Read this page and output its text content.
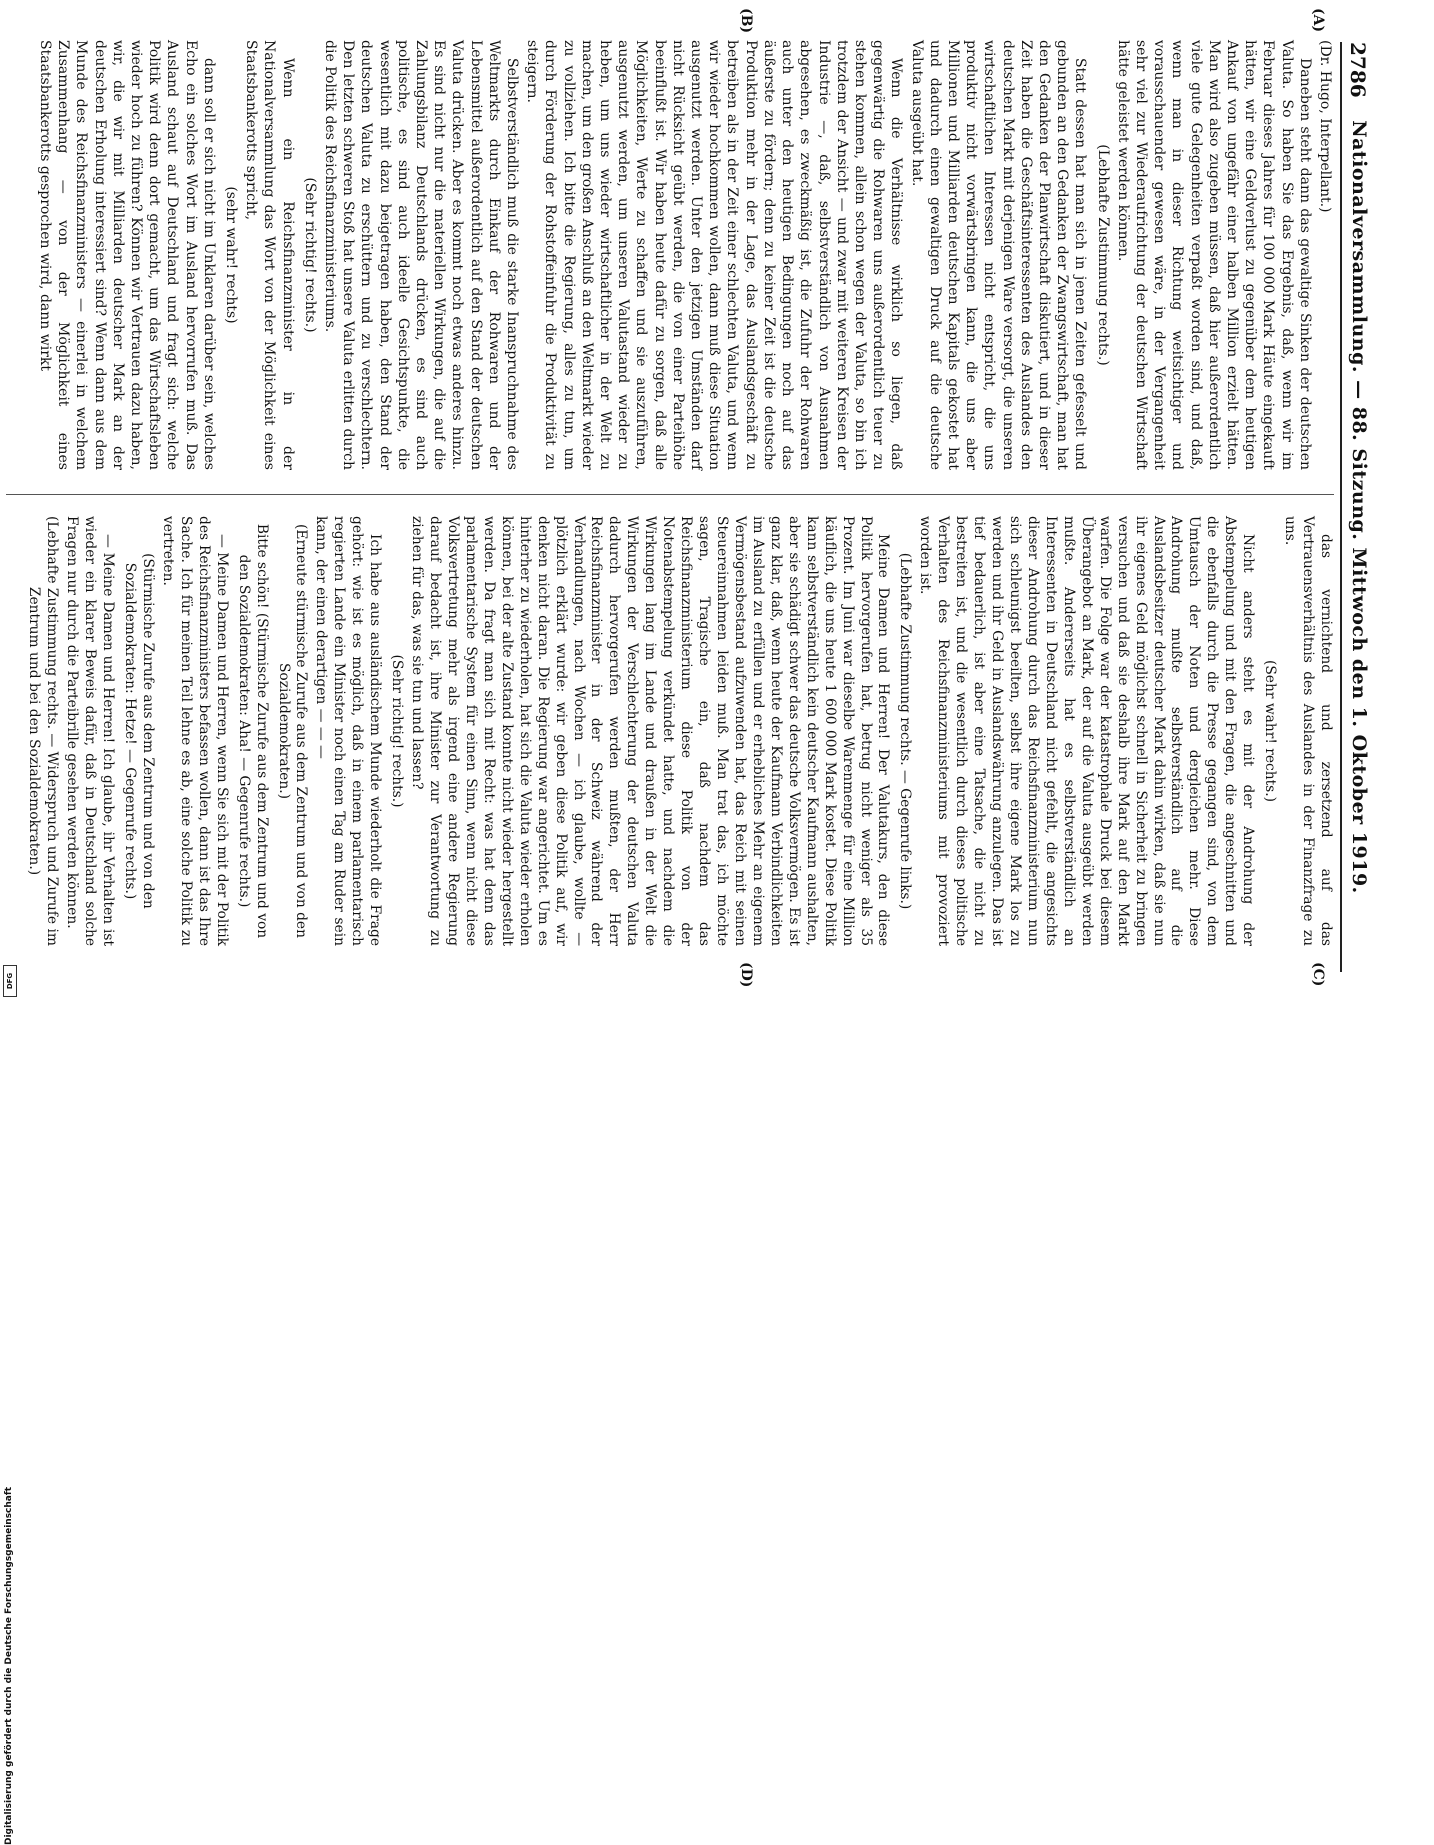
2786
Nationalversammlung. — 88. Sitzung. Mittwoch den 1. Oktober 1919.
(A)
(B)
(C)
(D)

(Dr. Hugo, Interpellant.)

Daneben steht dann das gewaltige Sinken der deutschen Valuta. So haben Sie das Ergebnis, daß, wenn wir im Februar dieses Jahres für 100 000 Mark Häute eingekauft hätten, wir eine Geldverlust zu gegenüber dem heutigen Ankauf von ungefähr einer halben Million erzielt hätten. Man wird also zugeben müssen, daß hier außerordentlich viele gute Gelegenheiten verpaßt worden sind, und daß, wenn man in dieser Richtung weitsichtiger und vorausschauender gewesen wäre, in der Vergangenheit sehr viel zur Wiederaufrichtung der deutschen Wirtschaft hätte geleistet werden können.

(Lebhafte Zustimmung rechts.)

Statt dessen hat man sich in jenen Zeiten gefesselt und gebunden an den Gedanken der Zwangswirtschaft, man hat den Gedanken der Planwirtschaft diskutiert, und in dieser Zeit haben die Geschäftsinteressenten des Auslandes den deutschen Markt mit derjenigen Ware versorgt, die unseren wirtschaftlichen Interessen nicht entspricht, die uns produktiv nicht vorwärtsbringen kann, die uns aber Millionen und Milliarden deutschen Kapitals gekostet hat und dadurch einen gewaltigen Druck auf die deutsche Valuta ausgeübt hat.

Wenn die Verhältnisse wirklich so liegen, daß gegenwärtig die Rohwaren uns außerordentlich teuer zu stehen kommen, allein schon wegen der Valuta, so bin ich trotzdem der Ansicht — und zwar mit weiteren Kreisen der Industrie —, daß, selbstverständlich von Ausnahmen abgesehen, es zweckmäßig ist, die Zufuhr der Rohwaren auch unter den heutigen Bedingungen noch auf das äußerste zu fördern; denn zu keiner Zeit ist die deutsche Produktion mehr in der Lage, das Auslandsgeschäft zu betreiben als in der Zeit einer schlechten Valuta, und wenn wir wieder hochkommen wollen, dann muß diese Situation ausgenutzt werden. Unter den jetzigen Umständen darf nicht Rücksicht geübt werden, die von einer Parteihöhe beeinflußt ist. Wir haben heute dafür zu sorgen, daß alle Möglichkeiten, Werte zu schaffen und sie auszuführen, ausgenutzt werden, um unseren Valutastand wieder zu heben, um uns wieder wirtschaftlicher in der Welt zu machen, um den großen Anschluß an den Weltmarkt wieder zu vollziehen. Ich bitte die Regierung, alles zu tun, um durch Förderung der Rohstoffeinfuhr die Produktivität zu steigern.

Selbstverständlich muß die starke Inanspruchnahme des Weltmarkts durch Einkauf der Rohwaren und der Lebensmittel außerordentlich auf den Stand der deutschen Valuta drücken. Aber es kommt noch etwas anderes hinzu. Es sind nicht nur die materiellen Wirkungen, die auf die Zahlungsbilanz Deutschlands drücken, es sind auch politische, es sind auch ideelle Gesichtspunkte, die wesentlich mit dazu beigetragen haben, den Stand der deutschen Valuta zu erschüttern und zu verschlechtern. Den letzten schweren Stoß hat unsere Valuta erlitten durch die Politik des Reichsfinanzministeriums.

(Sehr richtig! rechts.)

Wenn ein Reichsfinanzminister in der Nationalversammlung das Wort von der Möglichkeit eines Staatsbankerotts spricht,

(sehr wahr! rechts)

dann soll er sich nicht im Unklaren darüber sein, welches Echo ein solches Wort im Ausland hervorrufen muß. Das Ausland schaut auf Deutschland und fragt sich: welche Politik wird denn dort gemacht, um das Wirtschaftsleben wieder hoch zu führen? Können wir Vertrauen dazu haben, wir, die wir mit Milliarden deutscher Mark an der deutschen Erholung interessiert sind? Wenn dann aus dem Munde des Reichsfinanzministers — einerlei in welchem Zusammenhang — von der Möglichkeit eines Staatsbankerotts gesprochen wird, dann wirkt

das vernichtend und zersetzend auf das Vertrauensverhältnis des Auslandes in der Finanzfrage zu uns.

(Sehr wahr! rechts.)

Nicht anders steht es mit der Androhung der Abstempelung und mit den Fragen, die angeschnitten und die ebenfalls durch die Presse gegangen sind, von dem Umtausch der Noten und dergleichen mehr. Diese Androhung mußte selbstverständlich auf die Auslandsbesitzer deutscher Mark dahin wirken, daß sie nun ihr eigenes Geld möglichst schnell in Sicherheit zu bringen versuchen und daß sie deshalb ihre Mark auf den Markt warfen. Die Folge war der katastrophale Druck bei diesem Überangebot an Mark, der auf die Valuta ausgeübt werden mußte. Andererseits hat es selbstverständlich an Interessenten in Deutschland nicht gefehlt, die angesichts dieser Androhung durch das Reichsfinanzministerium nun sich schleunigst beeilten, selbst ihre eigene Mark los zu werden und ihr Geld in Auslandswährung anzulegen. Das ist tief bedauerlich, ist aber eine Tatsache, die nicht zu bestreiten ist, und die wesentlich durch dieses politische Verhalten des Reichsfinanzministeriums mit provoziert worden ist.

(Lebhafte Zustimmung rechts. — Gegenrufe links.)

Meine Damen und Herren! Der Valutakurs, den diese Politik hervorgerufen hat, betrug nicht weniger als 35 Prozent. Im Juni war dieselbe Warenmenge für eine Million käuflich, die uns heute 1 600 000 Mark kostet. Diese Politik kann selbstverständlich kein deutscher Kaufmann aushalten, aber sie schädigt schwer das deutsche Volksvermögen. Es ist ganz klar, daß, wenn heute der Kaufmann Verbindlichkeiten im Ausland zu erfüllen und er erhebliches Mehr an eigenem Vermögensbestand aufzuwenden hat, das Reich mit seinen Steuereinnahmen leiden muß. Man trat das, ich möchte sagen, Tragische ein, daß nachdem das Reichsfinanzministerium diese Politik von der Notenabstempelung verkündet hatte, und nachdem die Wirkungen lang im Lande und draußen in der Welt die Wirkungen der Verschlechterung der deutschen Valuta dadurch hervorgerufen werden mußten, der Herr Reichsfinanzminister in der Schweiz während der Verhandlungen, nach Wochen — ich glaube, wollte — plötzlich erklärt wurde: wir geben diese Politik auf, wir denken nicht daran. Die Regierung war angerichtet. Um es hinterher zu wiederholen, hat sich die Valuta wieder erholen können, bei der alte Zustand konnte nicht wieder hergestellt werden. Da fragt man sich mit Recht: was hat denn das parlamentarische System für einen Sinn, wenn nicht diese Volksvertretung mehr als irgend eine andere Regierung darauf bedacht ist, ihre Minister zur Verantwortung zu ziehen für das, was sie tun und lassen?

(Sehr richtig! rechts.)

Ich habe aus ausländischem Munde wiederholt die Frage gehört: wie ist es möglich, daß in einem parlamentarisch regierten Lande ein Minister noch einen Tag am Ruder sein kann, der einen derartigen — — —

(Erneute stürmische Zurufe aus dem Zentrum und von den Sozialdemokraten.)

Bitte schön! (Stürmische Zurufe aus dem Zentrum und von den Sozialdemokraten: Aha! — Gegenrufe rechts.)

— Meine Damen und Herren, wenn Sie sich mit der Politik des Reichsfinanzministers befassen wollen, dann ist das Ihre Sache. Ich für meinen Teil lehne es ab, eine solche Politik zu vertreten.

(Stürmische Zurufe aus dem Zentrum und von den Sozialdemokraten: Hetze! — Gegenrufe rechts.)

— Meine Damen und Herren! Ich glaube, ihr Verhalten ist wieder ein klarer Beweis dafür, daß in Deutschland solche Fragen nur durch die Parteibrille gesehen werden können.

(Lebhafte Zustimmung rechts. — Widerspruch und Zurufe im Zentrum und bei den Sozialdemokraten.)

Digitalisierung gefördert durch die Deutsche Forschungsgemeinschaft
DFG
